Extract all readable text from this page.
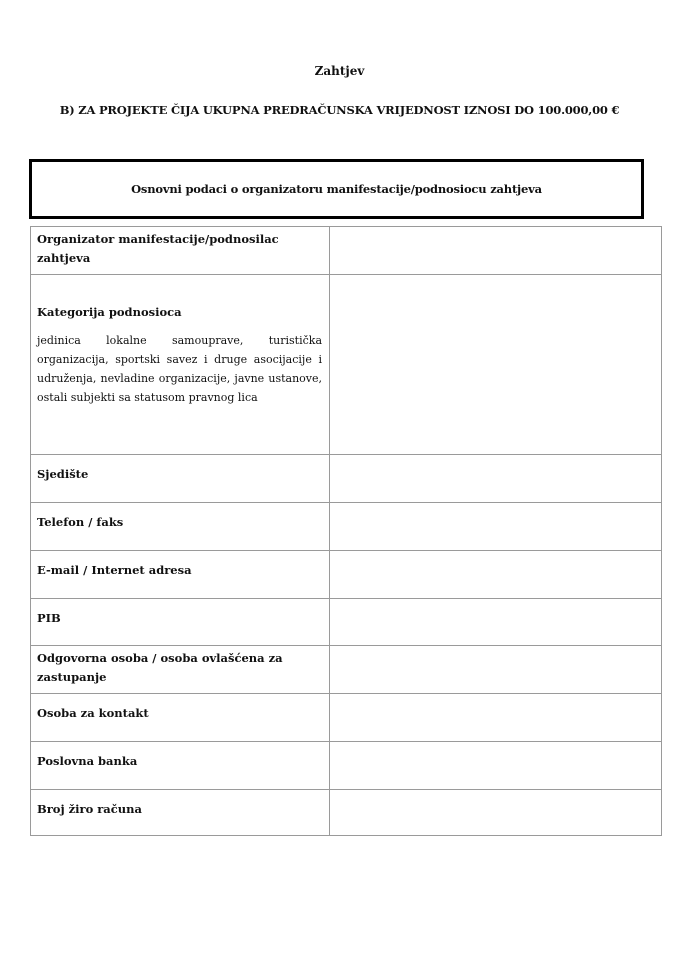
Zahtjev
B) ZA PROJEKTE ČIJA UKUPNA PREDRAČUNSKA VRIJEDNOST IZNOSI DO 100.000,00 €
Osnovni podaci o organizatoru manifestacije/podnosiocu zahtjeva
Organizator manifestacije/podnosilac zahtjeva	
Kategorija podnosioca
jedinica lokalne samouprave, turistička organizacija, sportski savez i druge asocijacije i udruženja, nevladine organizacije, javne ustanove, ostali subjekti sa statusom pravnog lica	

Sjedište	
Telefon / faks	
E-mail / Internet adresa	
PIB	
Odgovorna osoba / osoba ovlašćena za zastupanje	
Osoba za kontakt	
Poslovna banka	
Broj žiro računa	
